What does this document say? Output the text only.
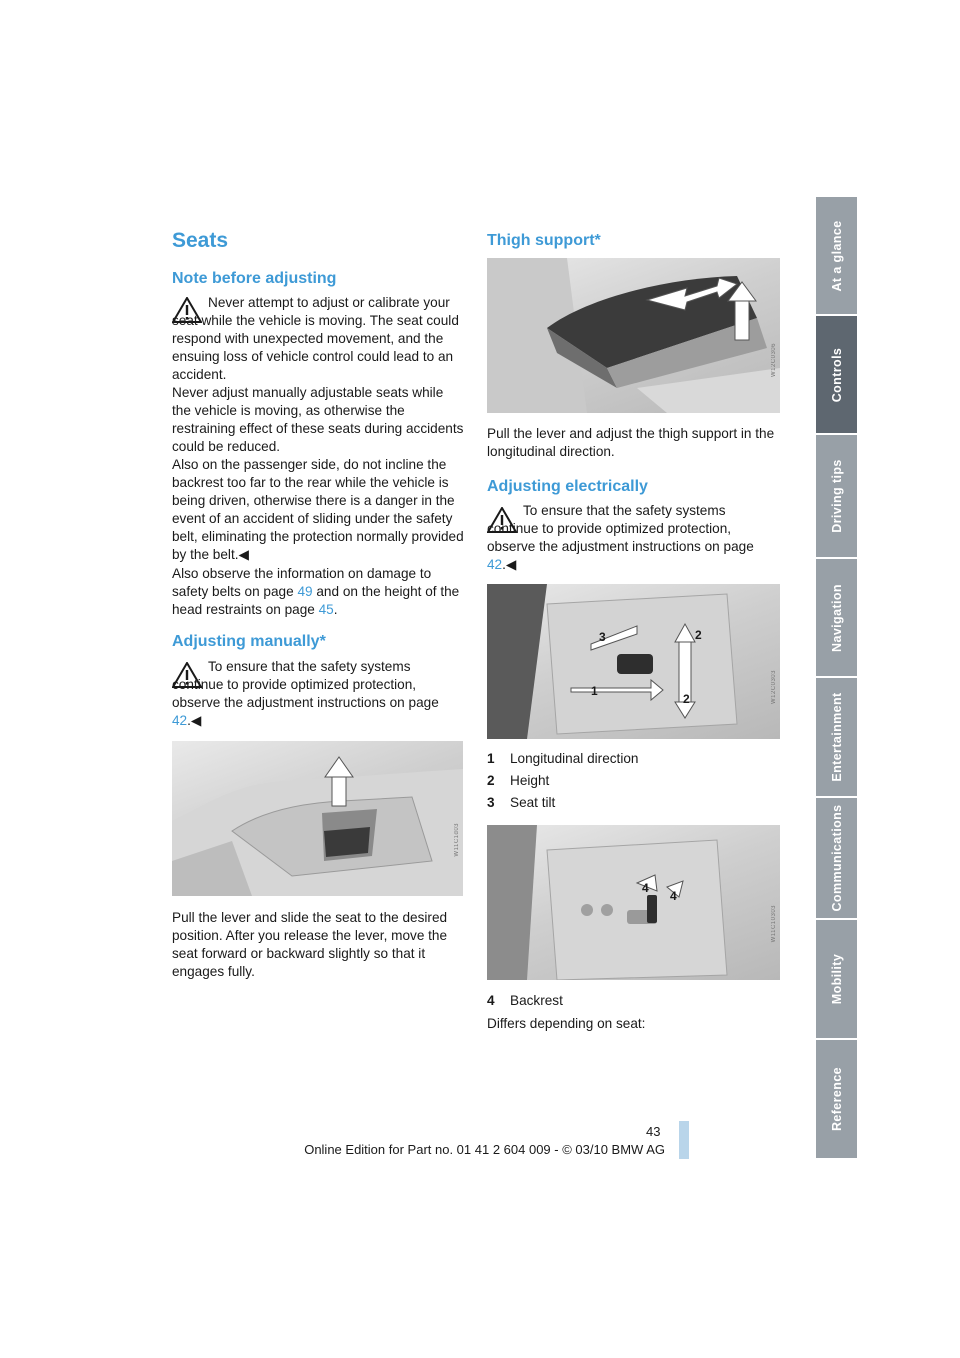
Seats
Note before adjusting
Never attempt to adjust or calibrate your seat while the vehicle is moving. The seat could respond with unexpected movement, and the ensuing loss of vehicle control could lead to an accident.
Never adjust manually adjustable seats while the vehicle is moving, as otherwise the restraining effect of these seats during accidents could be reduced.
Also on the passenger side, do not incline the backrest too far to the rear while the vehicle is being driven, otherwise there is a danger in the event of an accident of sliding under the safety belt, eliminating the protection normally provided by the belt.◀
Also observe the information on damage to safety belts on page 49 and on the height of the head restraints on page 45.
Adjusting manually*
To ensure that the safety systems continue to provide optimized protection, observe the adjustment instructions on page 42.◀
W11C1d03
Pull the lever and slide the seat to the desired position. After you release the lever, move the seat forward or backward slightly so that it engages fully.
Thigh support*
W12C0306
Pull the lever and adjust the thigh support in the longitudinal direction.
Adjusting electrically
To ensure that the safety systems continue to provide optimized protection, observe the adjustment instructions on page 42.◀
3
1
2
2	W12C0303
1 Longitudinal direction
2 Height
3 Seat tilt
4
4
W11C10303
4 Backrest
Differs depending on seat:
At a glance
Controls
Driving tips
Navigation
Entertainment
Communications
Mobility
Reference
43
Online Edition for Part no. 01 41 2 604 009 - © 03/10 BMW AG
